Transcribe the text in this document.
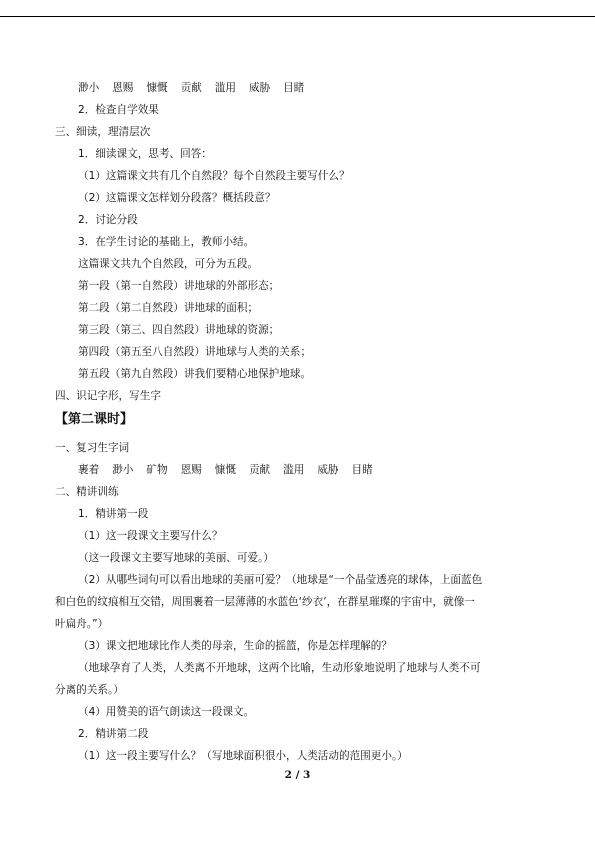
渺小 恩赐 慷慨 贡献 滥用 威胁 目睹
2．检查自学效果
三、细读，理清层次
1．细读课文，思考、回答：
（1）这篇课文共有几个自然段？每个自然段主要写什么？
（2）这篇课文怎样划分段落？概括段意？
2．讨论分段
3．在学生讨论的基础上，教师小结。
这篇课文共九个自然段，可分为五段。
第一段（第一自然段）讲地球的外部形态；
第二段（第二自然段）讲地球的面积；
第三段（第三、四自然段）讲地球的资源；
第四段（第五至八自然段）讲地球与人类的关系；
第五段（第九自然段）讲我们要精心地保护地球。
四、识记字形，写生字
【第二课时】
一、复习生字词
裹着 渺小 矿物 恩赐 慷慨 贡献 滥用 威胁 目睹
二、精讲训练
1．精讲第一段
（1）这一段课文主要写什么？
（这一段课文主要写地球的美丽、可爱。）
（2）从哪些词句可以看出地球的美丽可爱？（地球是“一个晶莹透亮的球体，上面蓝色
和白色的纹痕相互交错，周围裹着一层薄薄的水蓝色‘纱衣’，在群星璀璨的宇宙中，就像一
叶扁舟。”）
（3）课文把地球比作人类的母亲，生命的摇篮，你是怎样理解的？
（地球孕育了人类，人类离不开地球，这两个比喻，生动形象地说明了地球与人类不可
分离的关系。）
（4）用赞美的语气朗读这一段课文。
2．精讲第二段
（1）这一段主要写什么？（写地球面积很小，人类活动的范围更小。）
2 / 3
